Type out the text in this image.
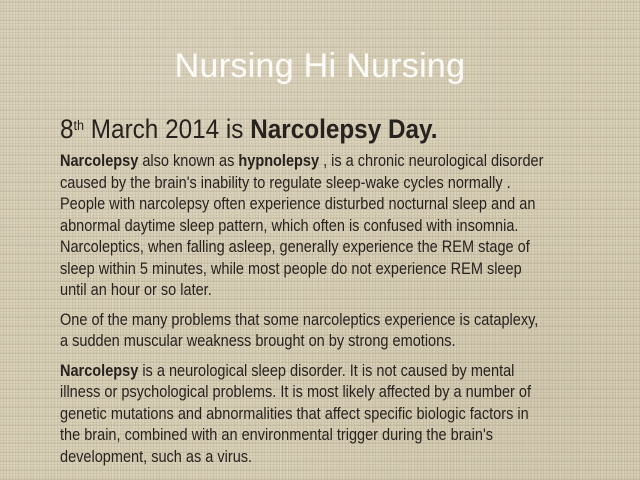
Nursing Hi Nursing
8th March 2014 is Narcolepsy Day.
Narcolepsy also known as hypnolepsy , is a chronic neurological disorder
caused by the brain's inability to regulate sleep-wake cycles normally .
People with narcolepsy often experience disturbed nocturnal sleep and an
abnormal daytime sleep pattern, which often is confused with insomnia.
Narcoleptics, when falling asleep, generally experience the REM stage of
sleep within 5 minutes, while most people do not experience REM sleep
until an hour or so later.
One of the many problems that some narcoleptics experience is cataplexy,
a sudden muscular weakness brought on by strong emotions.
Narcolepsy is a neurological sleep disorder. It is not caused by mental
illness or psychological problems. It is most likely affected by a number of
genetic mutations and abnormalities that affect specific biologic factors in
the brain, combined with an environmental trigger during the brain's
development, such as a virus.
